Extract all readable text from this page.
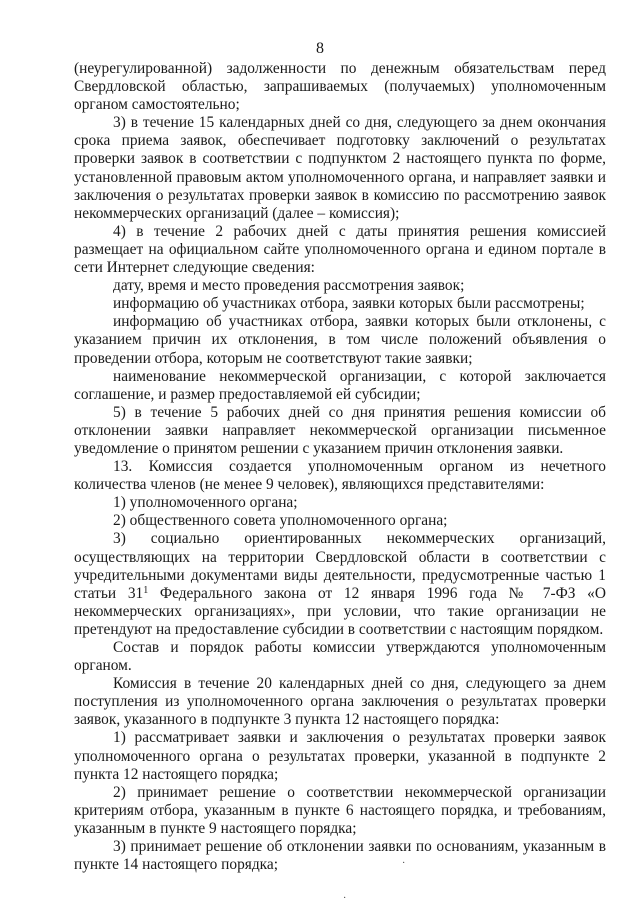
8

(неурегулированной) задолженности по денежным обязательствам перед Свердловской областью, запрашиваемых (получаемых) уполномоченным органом самостоятельно;

3) в течение 15 календарных дней со дня, следующего за днем окончания срока приема заявок, обеспечивает подготовку заключений о результатах проверки заявок в соответствии с подпунктом 2 настоящего пункта по форме, установленной правовым актом уполномоченного органа, и направляет заявки и заключения о результатах проверки заявок в комиссию по рассмотрению заявок некоммерческих организаций (далее – комиссия);

4) в течение 2 рабочих дней с даты принятия решения комиссией размещает на официальном сайте уполномоченного органа и едином портале в сети Интернет следующие сведения:

дату, время и место проведения рассмотрения заявок;

информацию об участниках отбора, заявки которых были рассмотрены;

информацию об участниках отбора, заявки которых были отклонены, с указанием причин их отклонения, в том числе положений объявления о проведении отбора, которым не соответствуют такие заявки;

наименование некоммерческой организации, с которой заключается соглашение, и размер предоставляемой ей субсидии;

5) в течение 5 рабочих дней со дня принятия решения комиссии об отклонении заявки направляет некоммерческой организации письменное уведомление о принятом решении с указанием причин отклонения заявки.

13. Комиссия создается уполномоченным органом из нечетного количества членов (не менее 9 человек), являющихся представителями:

1) уполномоченного органа;

2) общественного совета уполномоченного органа;

3) социально ориентированных некоммерческих организаций, осуществляющих на территории Свердловской области в соответствии с учредительными документами виды деятельности, предусмотренные частью 1 статьи $31^1$ Федерального закона от 12 января 1996 года № 7-ФЗ «О некоммерческих организациях», при условии, что такие организации не претендуют на предоставление субсидии в соответствии с настоящим порядком.

Состав и порядок работы комиссии утверждаются уполномоченным органом.

Комиссия в течение 20 календарных дней со дня, следующего за днем поступления из уполномоченного органа заключения о результатах проверки заявок, указанного в подпункте 3 пункта 12 настоящего порядка:

1) рассматривает заявки и заключения о результатах проверки заявок уполномоченного органа о результатах проверки, указанной в подпункте 2 пункта 12 настоящего порядка;

2) принимает решение о соответствии некоммерческой организации критериям отбора, указанным в пункте 6 настоящего порядка, и требованиям, указанным в пункте 9 настоящего порядка;

3) принимает решение об отклонении заявки по основаниям, указанным в пункте 14 настоящего порядка;	·
·
